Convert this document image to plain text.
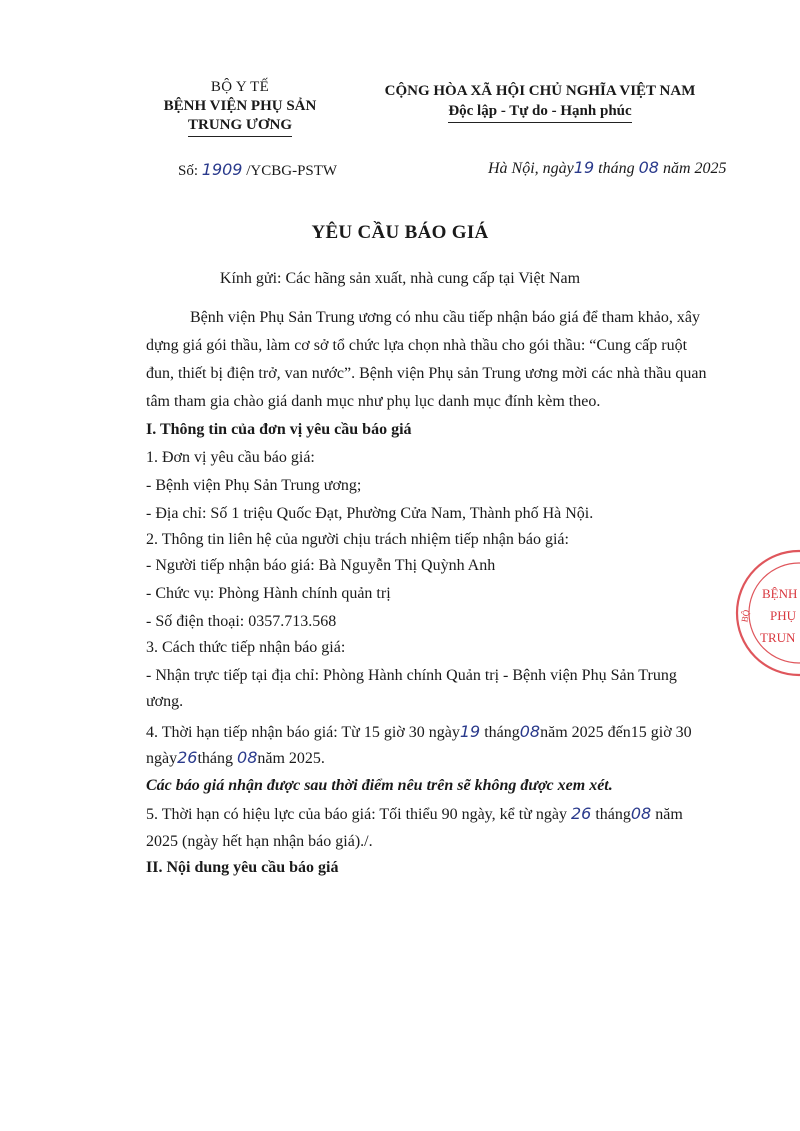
BỘ Y TẾ
BỆNH VIỆN PHỤ SẢN
TRUNG ƯƠNG
CỘNG HÒA XÃ HỘI CHỦ NGHĨA VIỆT NAM
Độc lập - Tự do - Hạnh phúc
Số: 1909 /YCBG-PSTW	Hà Nội, ngày19 tháng 08 năm 2025
YÊU CẦU BÁO GIÁ
Kính gửi: Các hãng sản xuất, nhà cung cấp tại Việt Nam
Bệnh viện Phụ Sản Trung ương có nhu cầu tiếp nhận báo giá để tham khảo, xây
dựng giá gói thầu, làm cơ sở tổ chức lựa chọn nhà thầu cho gói thầu: “Cung cấp ruột
đun, thiết bị điện trở, van nước”. Bệnh viện Phụ sản Trung ương mời các nhà thầu quan
tâm tham gia chào giá danh mục như phụ lục danh mục đính kèm theo.
I. Thông tin của đơn vị yêu cầu báo giá
1. Đơn vị yêu cầu báo giá:
- Bệnh viện Phụ Sản Trung ương;
- Địa chỉ: Số 1 triệu Quốc Đạt, Phường Cửa Nam, Thành phố Hà Nội.
2. Thông tin liên hệ của người chịu trách nhiệm tiếp nhận báo giá:
- Người tiếp nhận báo giá: Bà Nguyễn Thị Quỳnh Anh
- Chức vụ: Phòng Hành chính quản trị
- Số điện thoại: 0357.713.568
3. Cách thức tiếp nhận báo giá:
- Nhận trực tiếp tại địa chỉ: Phòng Hành chính Quản trị - Bệnh viện Phụ Sản Trung
ương.
4. Thời hạn tiếp nhận báo giá: Từ 15 giờ 30 ngày19 tháng08năm 2025 đến15 giờ 30
ngày26tháng 08năm 2025.
Các báo giá nhận được sau thời điểm nêu trên sẽ không được xem xét.
5. Thời hạn có hiệu lực của báo giá: Tối thiểu 90 ngày, kể từ ngày 26 tháng08 năm
2025 (ngày hết hạn nhận báo giá)./.
II. Nội dung yêu cầu báo giá
BỆNH
PHỤ
TRUN
BỘ
